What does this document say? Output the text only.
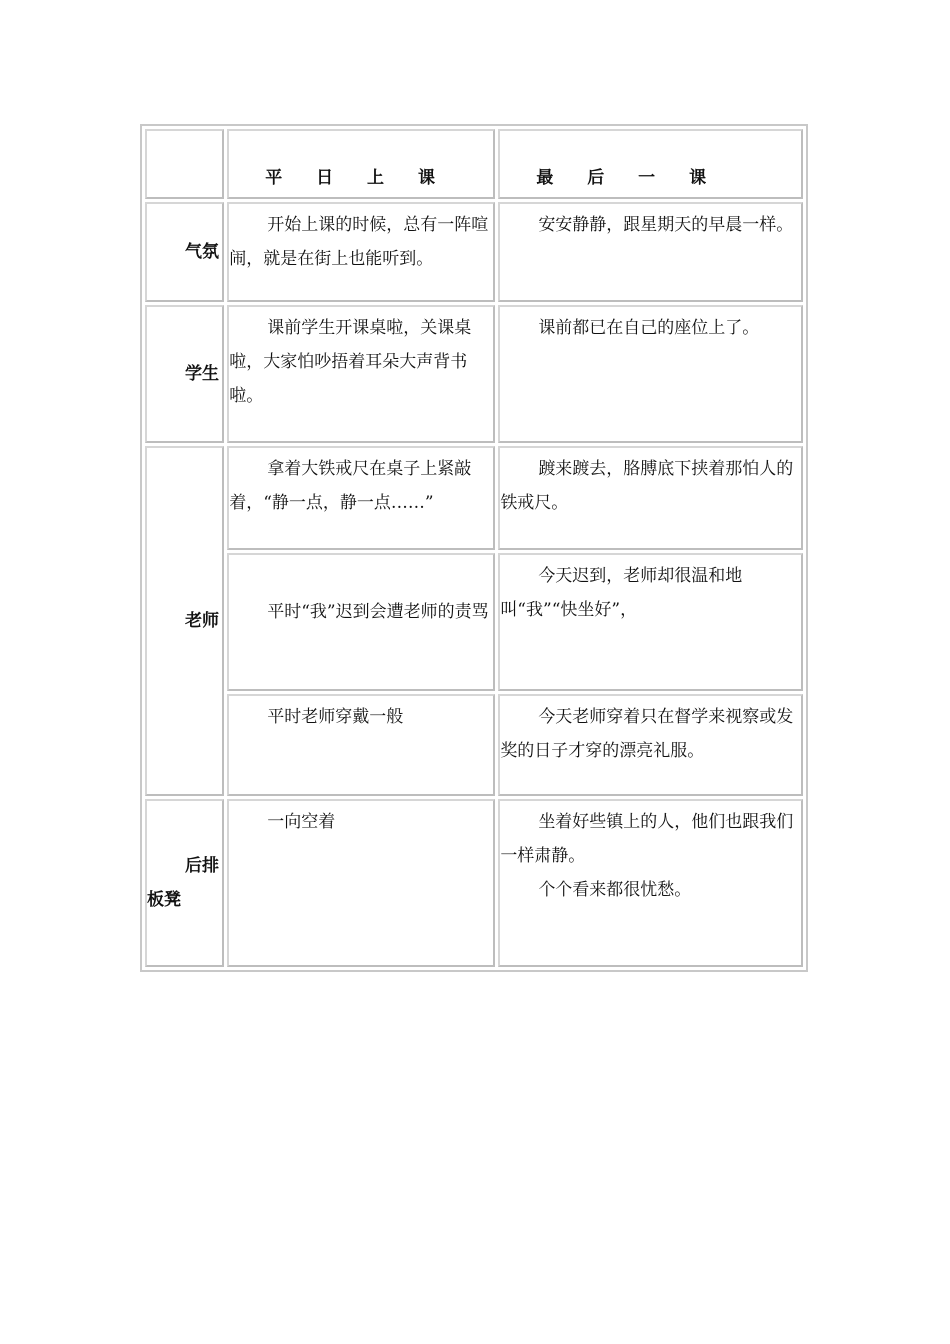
	平 日 上 课	最 后 一 课

气氛	开始上课的时候，总有一阵喧闹，就是在街上也能听到。	安安静静，跟星期天的早晨一样。

学生	课前学生开课桌啦，关课桌啦，大家怕吵捂着耳朵大声背书啦。	课前都已在自己的座位上了。

老师	拿着大铁戒尺在桌子上紧敲着，“静一点，静一点……”	踱来踱去，胳膊底下挟着那怕人的铁戒尺。

	平时“我”迟到会遭老师的责骂	今天迟到，老师却很温和地叫“我”“快坐好”，

	平时老师穿戴一般	今天老师穿着只在督学来视察或发奖的日子才穿的漂亮礼服。

后排板凳	一向空着	坐着好些镇上的人，他们也跟我们一样肃静。
个个看来都很忧愁。
